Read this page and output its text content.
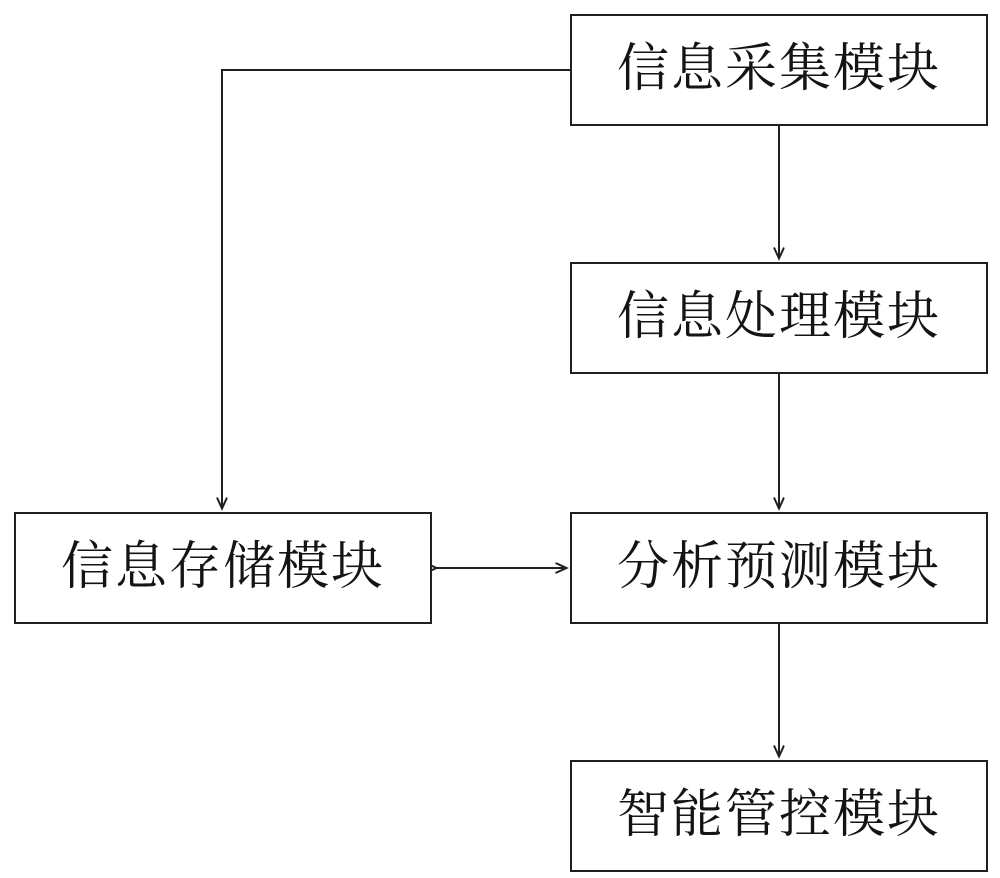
信息采集模块
信息处理模块
信息存储模块	分析预测模块
智能管控模块
